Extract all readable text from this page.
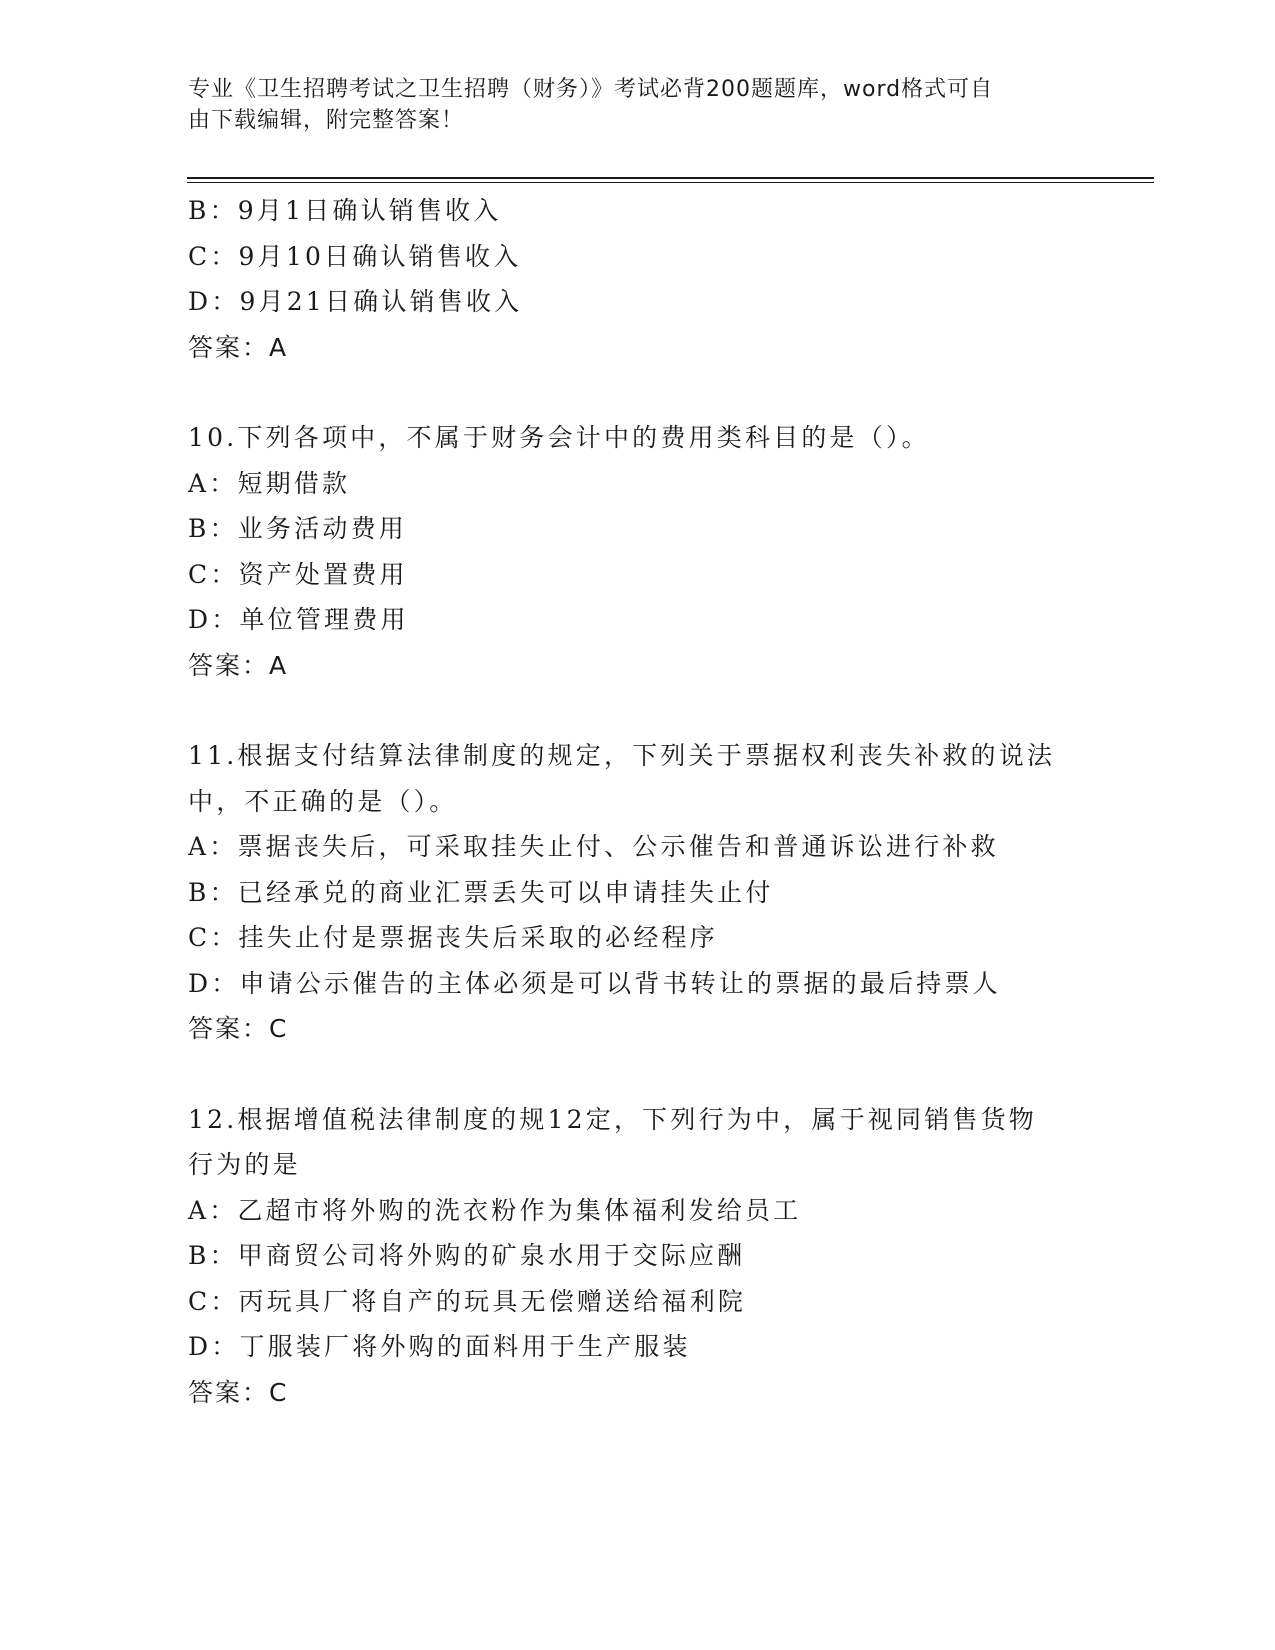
专业《卫生招聘考试之卫生招聘（财务）》考试必背200题题库，word格式可自
由下载编辑，附完整答案！
B：9月1日确认销售收入
C：9月10日确认销售收入
D：9月21日确认销售收入
答案：A
10.下列各项中，不属于财务会计中的费用类科目的是（）。
A：短期借款
B：业务活动费用
C：资产处置费用
D：单位管理费用
答案：A
11.根据支付结算法律制度的规定，下列关于票据权利丧失补救的说法
中，不正确的是（）。
A：票据丧失后，可采取挂失止付、公示催告和普通诉讼进行补救
B：已经承兑的商业汇票丢失可以申请挂失止付
C：挂失止付是票据丧失后采取的必经程序
D：申请公示催告的主体必须是可以背书转让的票据的最后持票人
答案：C
12.根据增值税法律制度的规12定，下列行为中，属于视同销售货物
行为的是
A：乙超市将外购的洗衣粉作为集体福利发给员工
B：甲商贸公司将外购的矿泉水用于交际应酬
C：丙玩具厂将自产的玩具无偿赠送给福利院
D：丁服装厂将外购的面料用于生产服装
答案：C
